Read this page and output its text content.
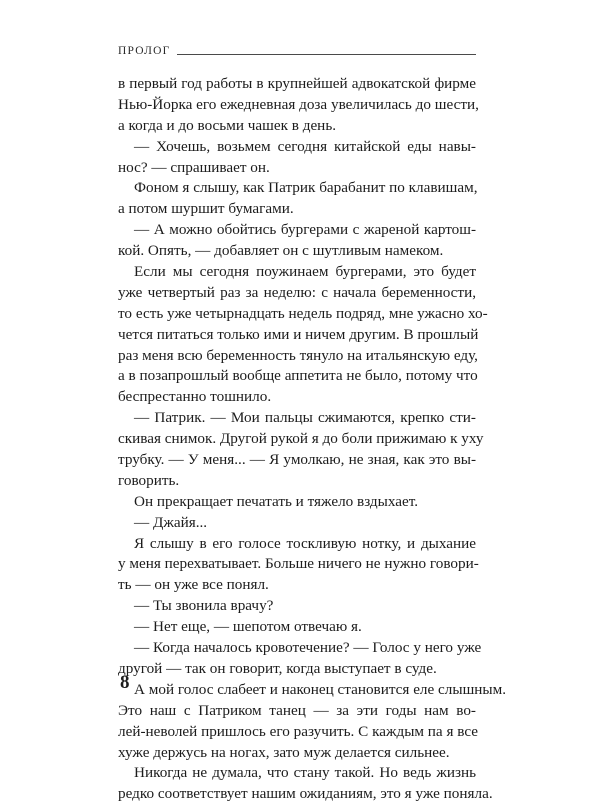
ПРОЛОГ
в первый год работы в крупнейшей адвокатской фирме
Нью-Йорка его ежедневная доза увеличилась до шести,
а когда и до восьми чашек в день.
— Хочешь, возьмем сегодня китайской еды навы-
нос? — спрашивает он.
Фоном я слышу, как Патрик барабанит по клавишам,
а потом шуршит бумагами.
— А можно обойтись бургерами с жареной картош-
кой. Опять, — добавляет он с шутливым намеком.
Если мы сегодня поужинаем бургерами, это будет
уже четвертый раз за неделю: с начала беременности,
то есть уже четырнадцать недель подряд, мне ужасно хо-
чется питаться только ими и ничем другим. В прошлый
раз меня всю беременность тянуло на итальянскую еду,
а в позапрошлый вообще аппетита не было, потому что
беспрестанно тошнило.
— Патрик. — Мои пальцы сжимаются, крепко сти-
скивая снимок. Другой рукой я до боли прижимаю к уху
трубку. — У меня... — Я умолкаю, не зная, как это вы-
говорить.
Он прекращает печатать и тяжело вздыхает.
— Джайя...
Я слышу в его голосе тоскливую нотку, и дыхание
у меня перехватывает. Больше ничего не нужно говори-
ть — он уже все понял.
— Ты звонила врачу?
— Нет еще, — шепотом отвечаю я.
— Когда началось кровотечение? — Голос у него уже
другой — так он говорит, когда выступает в суде.
А мой голос слабеет и наконец становится еле слышным.
Это наш с Патриком танец — за эти годы нам во-
лей-неволей пришлось его разучить. С каждым па я все
хуже держусь на ногах, зато муж делается сильнее.
Никогда не думала, что стану такой. Но ведь жизнь
редко соответствует нашим ожиданиям, это я уже поняла.
8
